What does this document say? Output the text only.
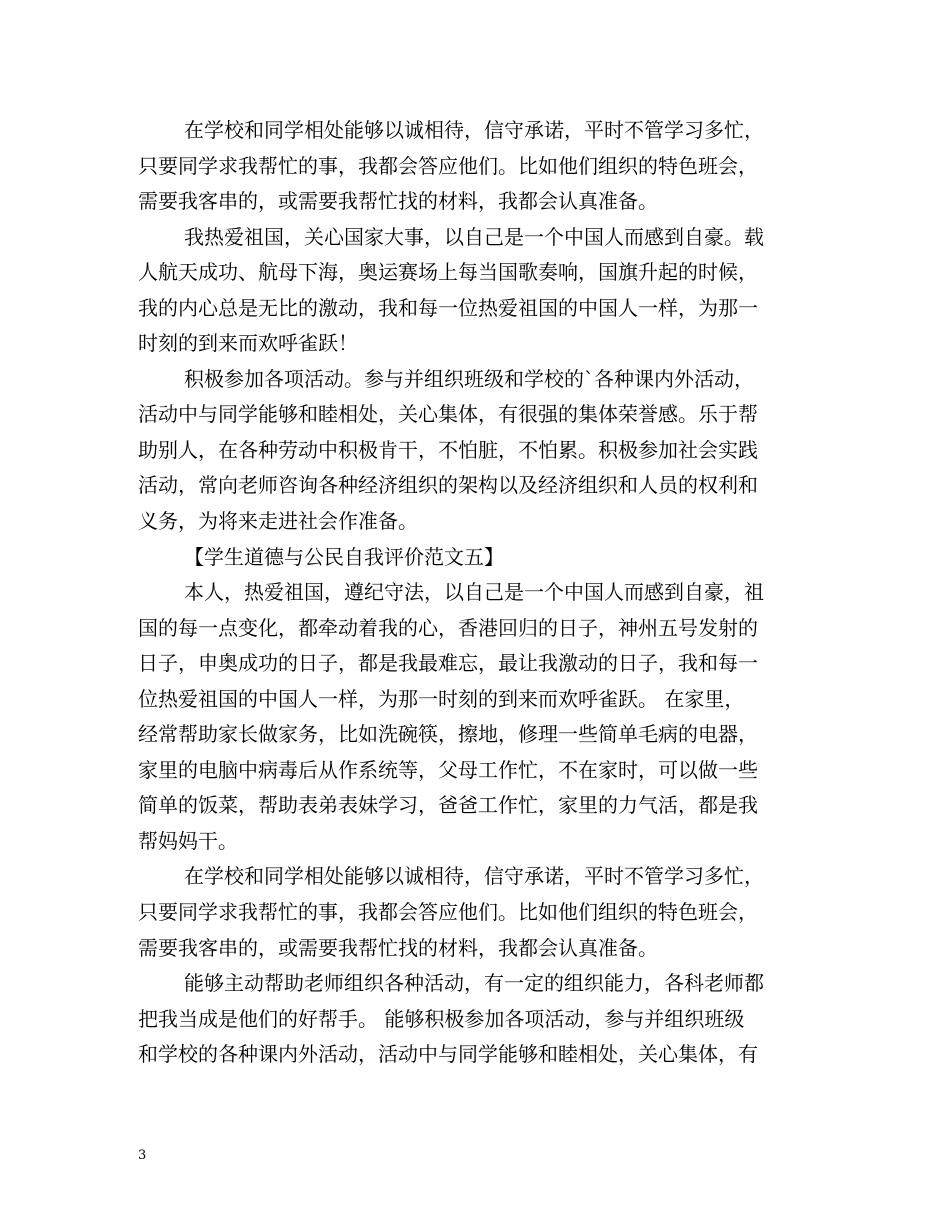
在学校和同学相处能够以诚相待，信守承诺，平时不管学习多忙，
只要同学求我帮忙的事，我都会答应他们。比如他们组织的特色班会，
需要我客串的，或需要我帮忙找的材料，我都会认真准备。
我热爱祖国，关心国家大事，以自己是一个中国人而感到自豪。载
人航天成功、航母下海，奥运赛场上每当国歌奏响，国旗升起的时候，
我的内心总是无比的激动，我和每一位热爱祖国的中国人一样，为那一
时刻的到来而欢呼雀跃！
积极参加各项活动。参与并组织班级和学校的`各种课内外活动，
活动中与同学能够和睦相处，关心集体，有很强的集体荣誉感。乐于帮
助别人，在各种劳动中积极肯干，不怕脏，不怕累。积极参加社会实践
活动，常向老师咨询各种经济组织的架构以及经济组织和人员的权利和
义务，为将来走进社会作准备。
【学生道德与公民自我评价范文五】
本人，热爱祖国，遵纪守法，以自己是一个中国人而感到自豪，祖
国的每一点变化，都牵动着我的心，香港回归的日子，神州五号发射的
日子，申奥成功的日子，都是我最难忘，最让我激动的日子，我和每一
位热爱祖国的中国人一样，为那一时刻的到来而欢呼雀跃。 在家里，
经常帮助家长做家务，比如洗碗筷，擦地，修理一些简单毛病的电器，
家里的电脑中病毒后从作系统等，父母工作忙，不在家时，可以做一些
简单的饭菜，帮助表弟表妹学习，爸爸工作忙，家里的力气活，都是我
帮妈妈干。
在学校和同学相处能够以诚相待，信守承诺，平时不管学习多忙，
只要同学求我帮忙的事，我都会答应他们。比如他们组织的特色班会，
需要我客串的，或需要我帮忙找的材料，我都会认真准备。
能够主动帮助老师组织各种活动，有一定的组织能力，各科老师都
把我当成是他们的好帮手。 能够积极参加各项活动，参与并组织班级
和学校的各种课内外活动，活动中与同学能够和睦相处，关心集体，有
3
